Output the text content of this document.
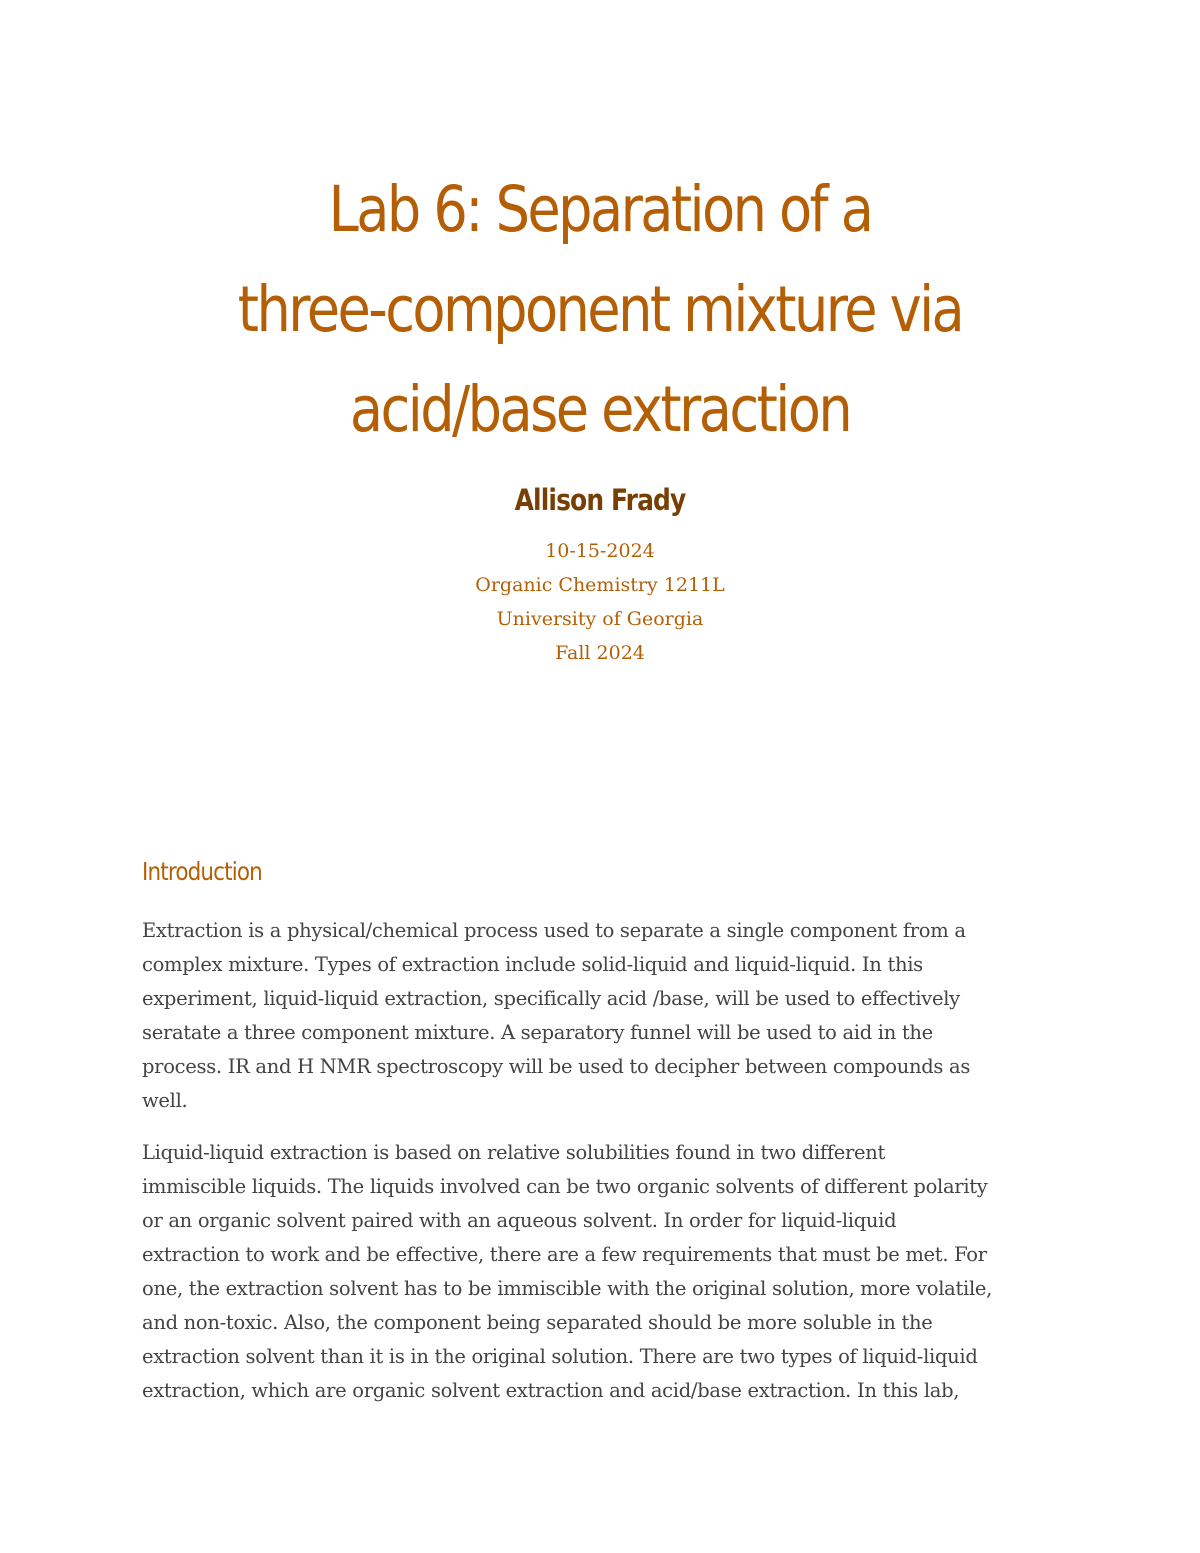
Lab 6: Separation of a
three-component mixture via
acid/base extraction
Allison Frady
10-15-2024
Organic Chemistry 1211L
University of Georgia
Fall 2024
Introduction
Extraction is a physical/chemical process used to separate a single component from a
complex mixture. Types of extraction include solid-liquid and liquid-liquid. In this
experiment, liquid-liquid extraction, specifically acid /base, will be used to effectively
seratate a three component mixture. A separatory funnel will be used to aid in the
process. IR and H NMR spectroscopy will be used to decipher between compounds as
well.
Liquid-liquid extraction is based on relative solubilities found in two different
immiscible liquids. The liquids involved can be two organic solvents of different polarity
or an organic solvent paired with an aqueous solvent. In order for liquid-liquid
extraction to work and be effective, there are a few requirements that must be met. For
one, the extraction solvent has to be immiscible with the original solution, more volatile,
and non-toxic. Also, the component being separated should be more soluble in the
extraction solvent than it is in the original solution. There are two types of liquid-liquid
extraction, which are organic solvent extraction and acid/base extraction. In this lab,
